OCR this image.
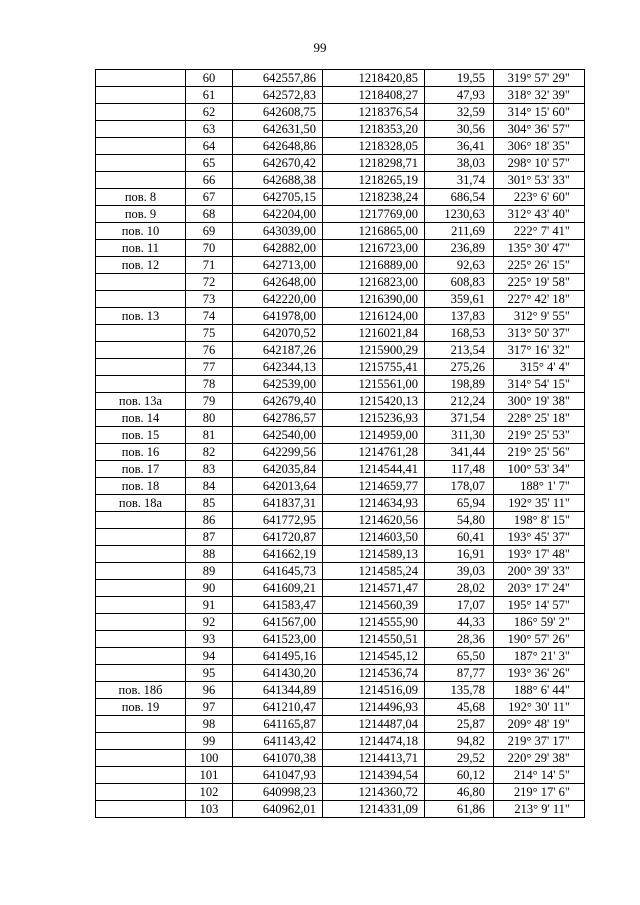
99
	60	642557,86	1218420,85	19,55	319° 57' 29"
	61	642572,83	1218408,27	47,93	318° 32' 39"
	62	642608,75	1218376,54	32,59	314° 15' 60"
	63	642631,50	1218353,20	30,56	304° 36' 57"
	64	642648,86	1218328,05	36,41	306° 18' 35"
	65	642670,42	1218298,71	38,03	298° 10' 57"
	66	642688,38	1218265,19	31,74	301° 53' 33"
пов. 8	67	642705,15	1218238,24	686,54	223° 6' 60"
пов. 9	68	642204,00	1217769,00	1230,63	312° 43' 40"
пов. 10	69	643039,00	1216865,00	211,69	222° 7' 41"
пов. 11	70	642882,00	1216723,00	236,89	135° 30' 47"
пов. 12	71	642713,00	1216889,00	92,63	225° 26' 15"
	72	642648,00	1216823,00	608,83	225° 19' 58"
	73	642220,00	1216390,00	359,61	227° 42' 18"
пов. 13	74	641978,00	1216124,00	137,83	312° 9' 55"
	75	642070,52	1216021,84	168,53	313° 50' 37"
	76	642187,26	1215900,29	213,54	317° 16' 32"
	77	642344,13	1215755,41	275,26	315° 4' 4"
	78	642539,00	1215561,00	198,89	314° 54' 15"
пов. 13а	79	642679,40	1215420,13	212,24	300° 19' 38"
пов. 14	80	642786,57	1215236,93	371,54	228° 25' 18"
пов. 15	81	642540,00	1214959,00	311,30	219° 25' 53"
пов. 16	82	642299,56	1214761,28	341,44	219° 25' 56"
пов. 17	83	642035,84	1214544,41	117,48	100° 53' 34"
пов. 18	84	642013,64	1214659,77	178,07	188° 1' 7"
пов. 18а	85	641837,31	1214634,93	65,94	192° 35' 11"
	86	641772,95	1214620,56	54,80	198° 8' 15"
	87	641720,87	1214603,50	60,41	193° 45' 37"
	88	641662,19	1214589,13	16,91	193° 17' 48"
	89	641645,73	1214585,24	39,03	200° 39' 33"
	90	641609,21	1214571,47	28,02	203° 17' 24"
	91	641583,47	1214560,39	17,07	195° 14' 57"
	92	641567,00	1214555,90	44,33	186° 59' 2"
	93	641523,00	1214550,51	28,36	190° 57' 26"
	94	641495,16	1214545,12	65,50	187° 21' 3"
	95	641430,20	1214536,74	87,77	193° 36' 26"
пов. 18б	96	641344,89	1214516,09	135,78	188° 6' 44"
пов. 19	97	641210,47	1214496,93	45,68	192° 30' 11"
	98	641165,87	1214487,04	25,87	209° 48' 19"
	99	641143,42	1214474,18	94,82	219° 37' 17"
	100	641070,38	1214413,71	29,52	220° 29' 38"
	101	641047,93	1214394,54	60,12	214° 14' 5"
	102	640998,23	1214360,72	46,80	219° 17' 6"
	103	640962,01	1214331,09	61,86	213° 9' 11"
